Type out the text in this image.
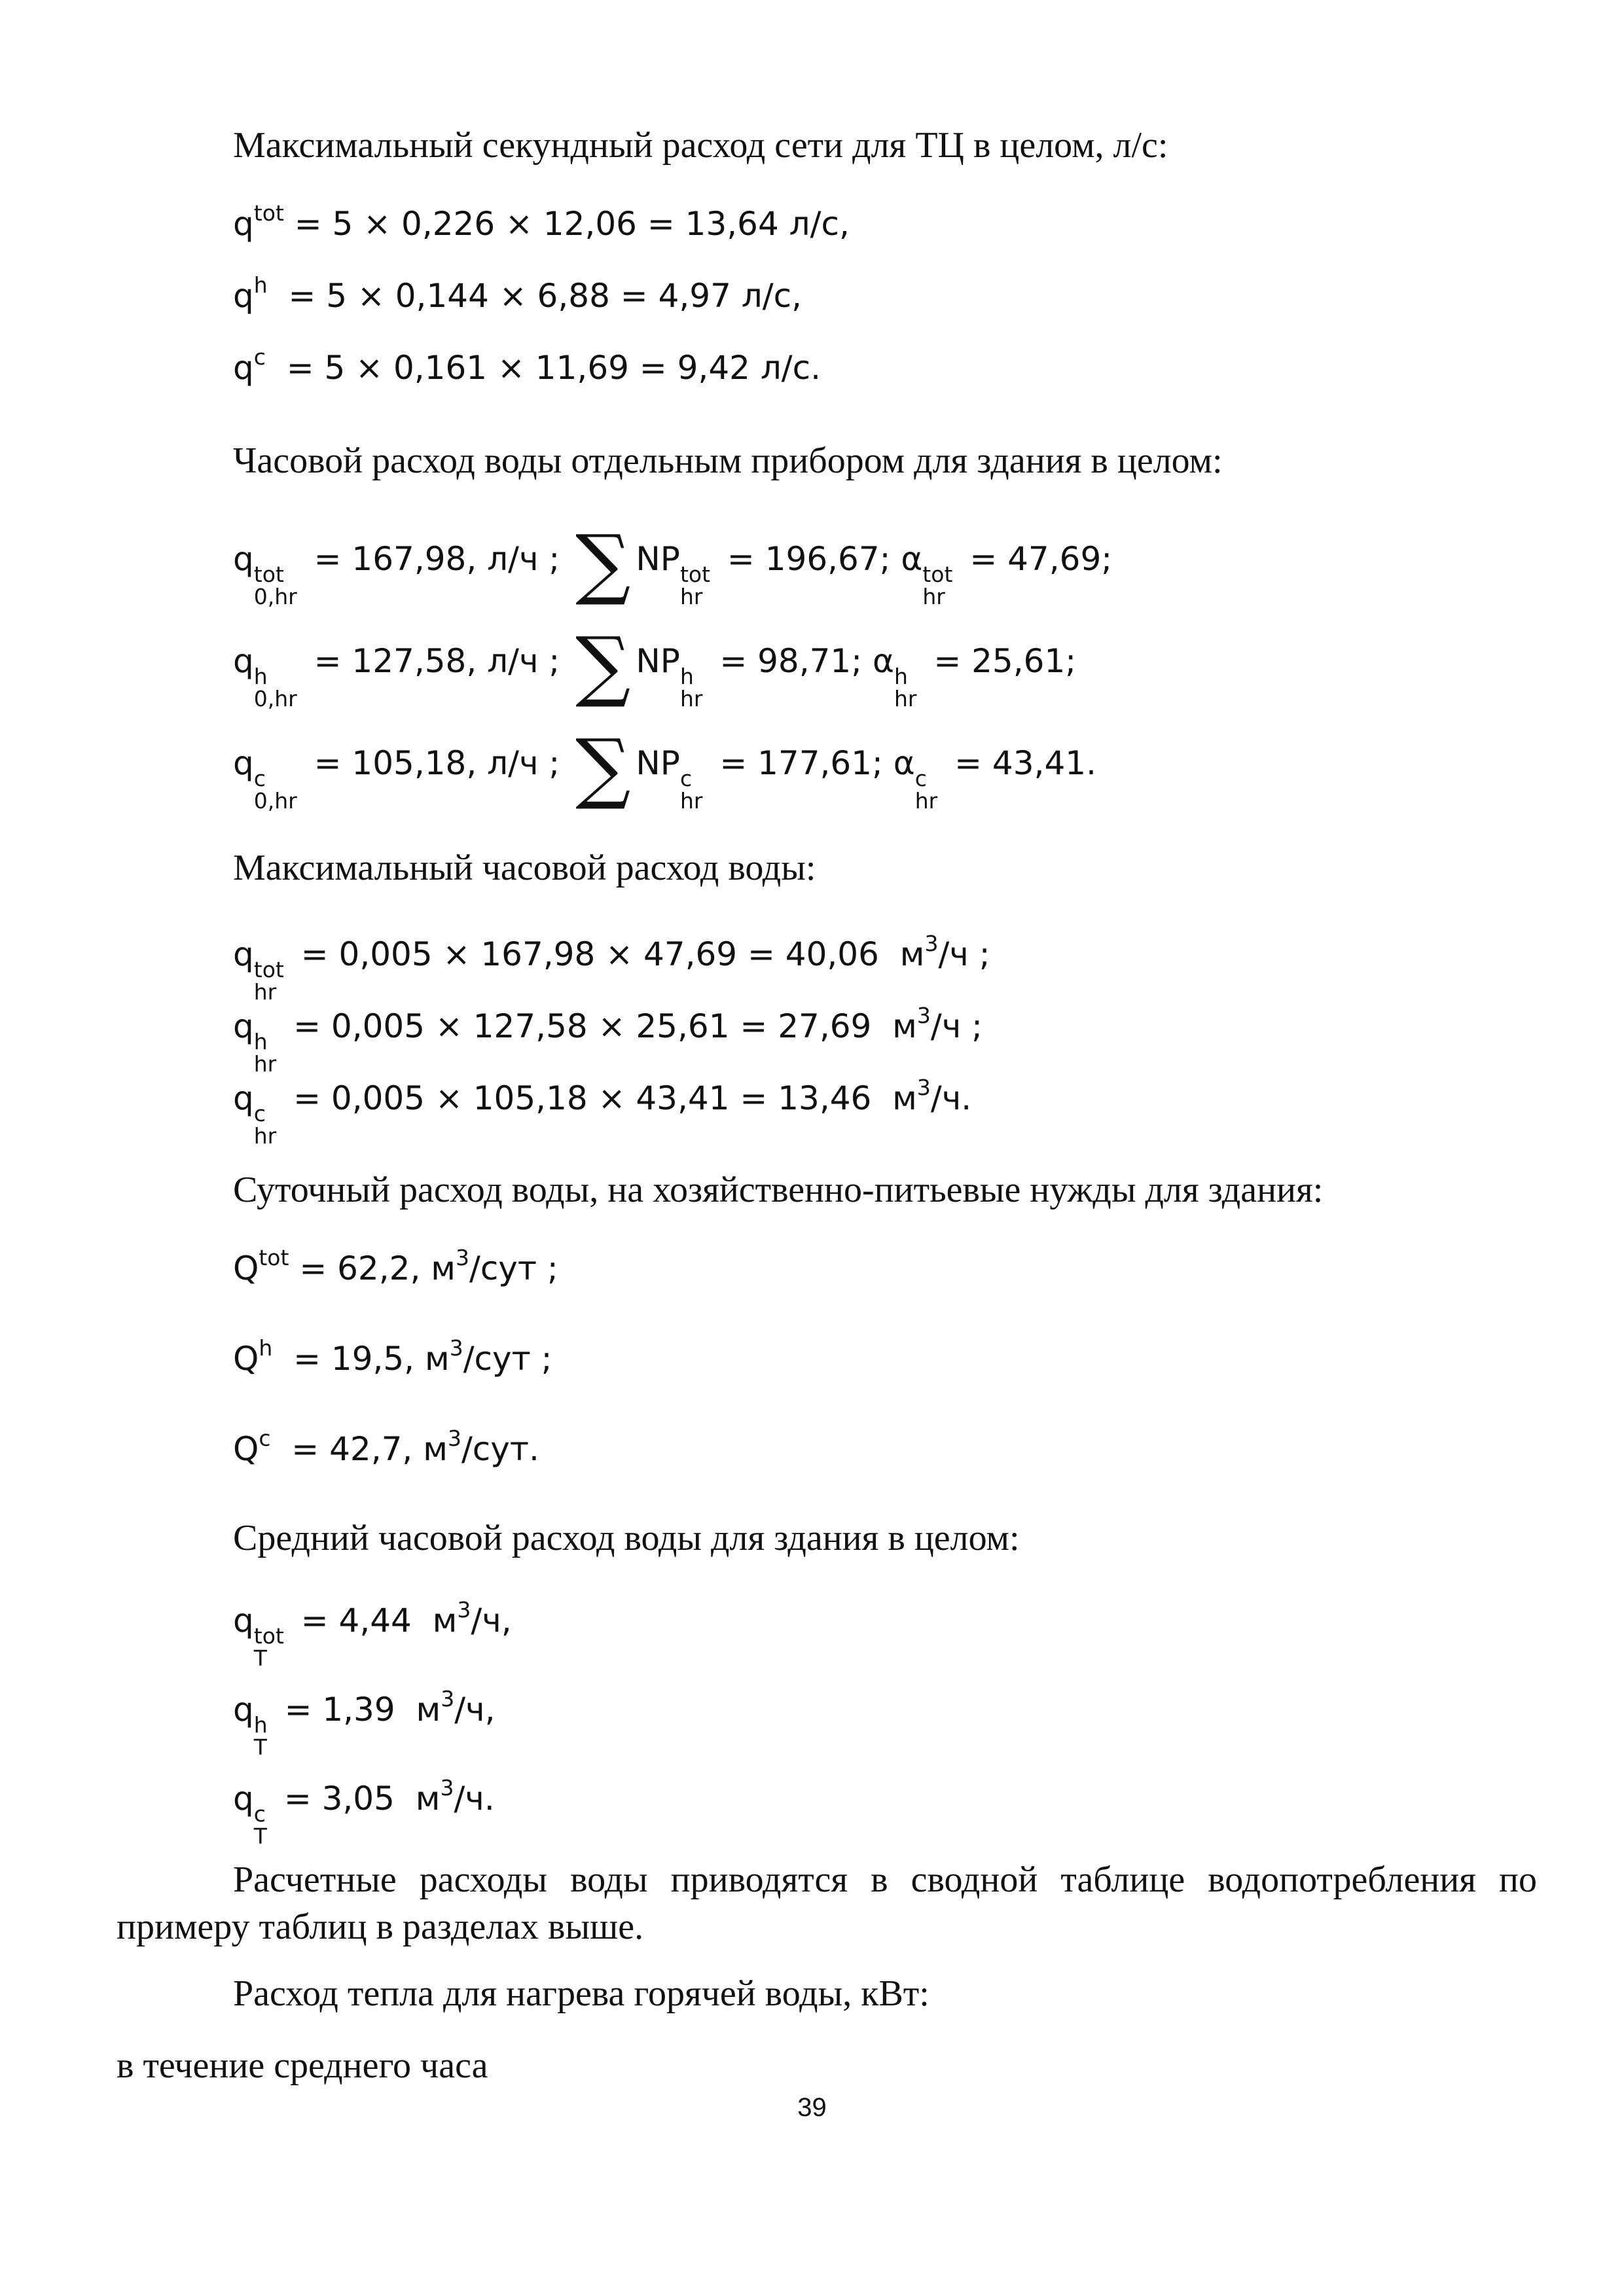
Максимальный секундный расход сети для ТЦ в целом, л/с:
$q^{tot} = 5 \times 0,226 \times 12,06 = 13,64$ л/с,
$q^h = 5 \times 0,144 \times 6,88 = 4,97$ л/с,
$q^c = 5 \times 0,161 \times 11,69 = 9,42$ л/с.
Часовой расход воды отдельным прибором для здания в целом:
q tot
0,hr
= 167,98, л/ч ; ∑ NP tot
hr
= 196,67; α tot
hr
= 47,69;
q h
0,hr
= 127,58, л/ч ; ∑ NP h
hr
= 98,71; α h
hr
= 25,61;
q c
0,hr
= 105,18, л/ч ; ∑ NP c
hr
= 177,61; α c
hr
= 43,41.
Максимальный часовой расход воды:
q tot
hr
= 0,005 × 167,98 × 47,69 = 40,06  $м^3/ч$ ;
q h
hr
= 0,005 × 127,58 × 25,61 = 27,69  $м^3/ч$ ;
q c
hr
= 0,005 × 105,18 × 43,41 = 13,46  $м^3/ч$.
Суточный расход воды, на хозяйственно-питьевые нужды для здания:
$Q^{tot} = 62,2$, $м^3$/сут ;
$Q^h = 19,5$, $м^3$/сут ;
$Q^c = 42,7$, $м^3$/сут.
Средний часовой расход воды для здания в целом:
q tot
T
= 4,44  $м^3/ч$,
q h
T
= 1,39  $м^3/ч$,
q c
T
= 3,05  $м^3/ч$.
Расчетные расходы воды приводятся в сводной таблице водопотребления по примеру таблиц в разделах выше.
Расход тепла для нагрева горячей воды, кВт:
в течение среднего часа
39
